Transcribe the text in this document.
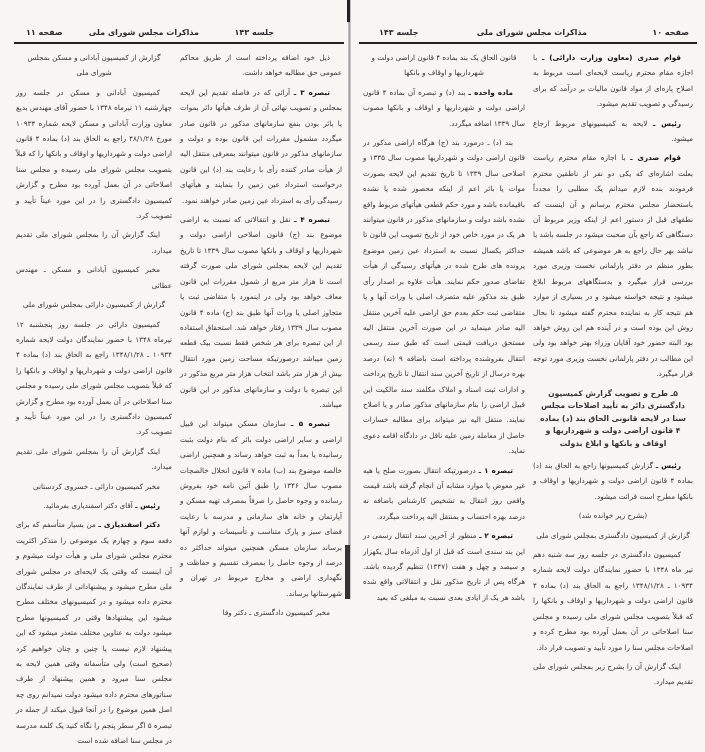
جلسه ۱۴۳
مذاکرات مجلس شورای ملی
صفحه ۱۱

ذیل خود اضافه پرداخته است از طریق محاکم عمومی حق مطالبه خواهد داشت.

تبصره ۳ ـ آرائی که در فاصله تقدیم این لایحه بمجلس و تصویب نهائی آن از طرف هیأتها دائر بموات یا بائر بودن بنفع سازمانهای مذکور در قانون صادر میگردد مشمول مقررات این قانون بوده و دولت و سازمانهای مذکور در قانون میتوانند بمعرفی منتقل الیه از هیأت صادر کننده رأی با رعایت بند (د) این قانون درخواست استرداد عین زمین را بنمایند و هیأتهای رسیدگی رأی به استرداد عین زمین صادر خواهند نمود.

تبصره ۴ ـ نقل و انتقالاتی که نسبت به اراضی موضوع بند (ج) قانون اصلاحی اراضی دولت و شهرداریها و اوقاف و بانکها مصوب سال ۱۳۳۹ تا تاریخ تقدیم این لایحه بمجلس شورای ملی صورت گرفته است تا هزار متر مربع از شمول مقررات این قانون معاف خواهد بود ولی در اینمورد با متقاضی ثبت یا متجاوز اصلی یا وراث آنها طبق بند (ج) ماده ۴ قانون مصوب سال ۱۳۳۹ رفتار خواهد شد. استحقاق استفاده از این تبصره برای هر شخص فقط نسبت بیک قطعه زمین میباشد درصورتیکه مساحت زمین مورد انتقال بیش از هزار متر باشد انتخاب هزار متر مربع مذکور در این تبصره با دولت و سازمانهای مذکور در این قانون میباشد.

تبصره ۵ ـ سازمان مسکن میتواند این قبیل اراضی و سایر اراضی دولت بائر که بنام دولت بثبت رسانیده یا بعداً به ثبت خواهد رساند و همچنین اراضی خالصه موضوع بند (ب) ماده ۷ قانون انحلال خالصجات مصوب سال ۱۳۴۶ را طبق آئین نامه خود بفروش رسانده و وجوه حاصل را صرفاً بمصرف تهیه مسکن و آپارتمان و خانه های سازمانی و مدرسه با رعایت فضای سبز و پارک متناسب و تأسیسات و لوازم آنها برساند سازمان مسکن همچنین میتواند حداکثر ده درصد از وجوه حاصل را بمصرف تقسیم و حفاظت و نگهداری اراضی و مخارج مربوط در تهران و شهرستانها برساند.

مخبر کمیسیون دادگستری ـ دکتر وفا

گزارش از کمیسیون آبادانی و مسکن بمجلس شورای ملی

کمیسیون آبادانی و مسکن در جلسه روز چهارشنبه ۱۱ تیرماه ۱۳۴۸ با حضور آقای مهندس بدیع معاون وزارت آبادانی و مسکن لایحه شماره ۱۰۹۳۴ مورخ ۴۸/۱/۲۸ راجع به الحاق بند (د) بماده ۴ قانون اراضی دولت و شهرداریها و اوقاف و بانکها را که قبلاً بتصویب مجلس شورای ملی رسیده و مجلس سنا اصلاحاتی در آن بعمل آورده بود مطرح و گزارش کمیسیون دادگستری را در این مورد عیناً تأیید و تصویب کرد.

اینک گزارش آن را بمجلس شورای ملی تقدیم میدارد.

مخبر کمیسیون آبادانی و مسکن ـ مهندس عطائی

گزارش از کمیسیون دارائی بمجلس شورای ملی

کمیسیون دارائی در جلسه روز پنجشنبه ۱۲ تیرماه ۱۳۴۸ با حضور نمایندگان دولت لایحه شماره ۱۰۹۳۴ ـ ۱۳۴۸/۱/۲۸ راجع به الحاق بند (د) بماده ۴ قانون اراضی دولت و شهرداریها و اوقاف و بانکها را که قبلاً بتصویب مجلس شورای ملی رسیده و مجلس سنا اصلاحاتی در آن بعمل آورده بود مطرح و گزارش کمیسیون دادگستری را در این مورد عیناً تأیید و تصویب کرد.

اینک گزارش آن را بمجلس شورای ملی تقدیم میدارد.

مخبر کمیسیون دارائی ـ خسروی کردستانی

رئیس ـ آقای دکتر اسفندیاری بفرمائید.

دکتر اسفندیاری ـ من بسیار متأسفم که برای دفعه سوم و چهارم یک موضوعی را متذکر اکثریت محترم مجلس شورای ملی و هیأت دولت میشوم و آن اینست که وقتی یک لایحه‌ای در مجلس شورای ملی مطرح میشود و پیشنهاداتی از طرف نمایندگان محترم داده میشود و در کمیسیونهای مختلف مطرح میشود این پیشنهادها وقتی در کمیسیونها مطرح میشود دولت به عناوین مختلف متعذر میشود که این پیشنهاد لازم نیست یا چنین و چنان خواهیم کرد (صحیح است) ولی متأسفانه وقتی همین لایحه به مجلس سنا میرود و همین پیشنهاد از طرف سناتورهای محترم داده میشود دولت نمیدانم روی چه اصل همین موضوع را در آنجا قبول میکند از جمله در تبصره ۵ اگر سطر پنجم را نگاه کنید یک کلمه مدرسه در مجلس سنا اضافه شده است

جلسه ۱۴۳	مذاکرات مجلس شورای ملی	صفحه ۱۰

قانون الحاق یک بند بماده ۴ قانون اراضی دولت و شهرداریها و اوقاف و بانکها

ماده واحده ـ بند (د) و تبصره آن بماده ۴ قانون اراضی دولت و شهرداریها و اوقاف و بانکها مصوب سال ۱۳۳۹ اضافه میگردد.

بند (د) ـ درمورد بند (ج) هرگاه اراضی مذکور در قانون اراضی دولت و شهرداریها مصوب سال ۱۳۳۵ و اصلاحی سال ۱۳۳۹ تا تاریخ تقدیم این لایحه بصورت موات یا بائر اعم از اینکه محصور شده یا نشده باقیمانده باشد و مورد حکم قطعی هیأتهای مربوط واقع نشده باشد دولت و سازمانهای مذکور در قانون میتوانند هر یک در مورد خاص خود از تاریخ تصویب این قانون تا حداکثر یکسال نسبت به استرداد عین زمین موضوع پرونده های طرح شده در هیأتهای رسیدگی از هیأت تقاضای صدور حکم نمایند. هیأت علاوه بر اصدار رأی طبق بند مذکور علیه متصرف اصلی یا وراث آنها و یا متقاضی ثبت حکم بعدم حق اراضی علیه آخرین منتقل الیه صادر مینماید در این صورت آخرین منتقل الیه مستحق دریافت قیمتی است که طبق سند رسمی انتقال بفروشنده پرداخته است باضافه ۹ (نه) درصد بهره درسال از تاریخ آخرین سند انتقال تا تاریخ پرداخت و ادارات ثبت اسناد و املاک مکلفند سند مالکیت این قبیل اراضی را بنام سازمانهای مذکور صادر و یا اصلاح نمایند. منتقل الیه نیز میتواند برای مطالبه خسارات حاصل از معامله زمین علیه ناقل در دادگاه اقامه دعوی نماید.

تبصره ۱ ـ درصورتیکه انتقال بصورت صلح یا هبه غیر معوض یا موارد مشابه آن انجام گرفته باشد قیمت واقعی روز انتقال به تشخیص کارشناس باضافه نه درصد بهره احتساب و بمنتقل الیه پرداخت میگردد.

تبصره ۲ ـ منظور از آخرین سند انتقال رسمی در این بند سندی است که قبل از اول آذرماه سال یکهزار و سیصد و چهل و هفت (۱۳۴۷) تنظیم گردیده باشد. هرگاه پس از تاریخ مذکور نقل و انتقالاتی واقع شده باشد هر یک از ایادی بعدی نسبت به مبلغی که بعید

قوام صدری (معاون وزارت دارائی) ـ با اجازه مقام محترم ریاست لایحه‌ای است مربوط به اصلاح پاره‌ای از مواد قانون مالیات بر درآمد که برای رسیدگی و تصویب تقدیم میشود.

رئیس ـ لایحه به کمیسیونهای مربوط ارجاع میشود.

قوام صدری ـ با اجازه مقام محترم ریاست بعلت اشاره‌ای که یکی دو نفر از ناطقین محترم فرمودند بنده لازم میدانم یک مطلبی را مجدداً باستحضار مجلس محترم برسانم و آن اینست که نطقهای قبل از دستور اعم از اینکه وزیر مربوط آن دستگاهی که راجع بآن صحبت میشود در جلسه باشد یا نباشد بهر حال راجع به هر موضوعی که باشد همیشه بطور منظم در دفتر پارلمانی نخست وزیری مورد بررسی قرار میگیرد و بدستگاههای مربوط ابلاغ میشود و نتیجه خواسته میشود و در بسیاری از موارد هم نتیجه کار به نماینده محترم گفته میشود تا بحال روش این بوده است و در آینده هم این روش خواهد بود البته حضور خود آقایان وزراء بهتر خواهد بود ولی این مطالب در دفتر پارلمانی نخست وزیری مورد توجه قرار میگیرد.

۵ـ طرح و تصویب گزارش کمیسیون دادگستری دائر به تأیید اصلاحات مجلس سنا در لایحه قانونی الحاق بند (د) بماده ۴ قانون اراضی دولت و شهرداریها و اوقاف و بانکها و ابلاغ بدولت

رئیس ـ گزارش کمیسیونها راجع به الحاق بند (د) بماده ۴ قانون اراضی دولت و شهرداریها و اوقاف و بانکها مطرح است قرائت میشود.

(بشرح زیر خوانده شد)

گزارش از کمیسیون دادگستری بمجلس شورای ملی

کمیسیون دادگستری در جلسه روز سه شنبه دهم تیر ماه ۱۳۴۸ با حضور نمایندگان دولت لایحه شماره ۱۰۹۳۴ ـ ۱۳۴۸/۱/۲۸ راجع به الحاق بند (د) بماده ۴ قانون اراضی دولت و شهرداریها و اوقاف و بانکها را که قبلاً بتصویب مجلس شورای ملی رسیده و مجلس سنا اصلاحاتی در آن بعمل آورده بود مطرح کرده و اصلاحات مجلس سنا را مورد تأیید و تصویب قرار داد.

اینک گزارش آن را بشرح زیر بمجلس شورای ملی تقدیم میدارد.
